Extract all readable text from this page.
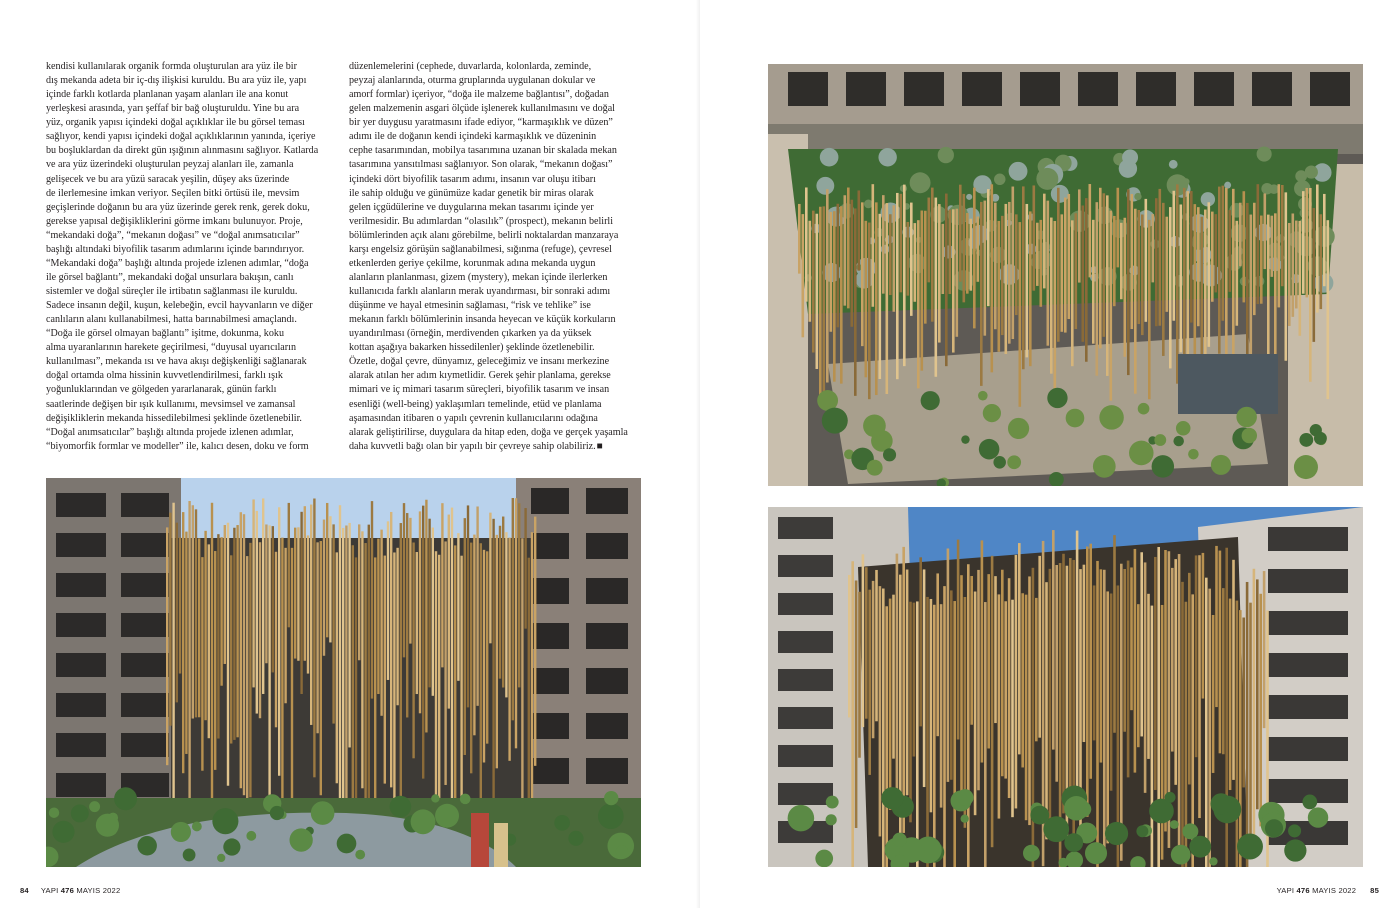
kendisi kullanılarak organik formda oluşturulan ara yüz ile bir
dış mekanda adeta bir iç-dış ilişkisi kuruldu. Bu ara yüz ile, yapı
içinde farklı kotlarda planlanan yaşam alanları ile ana konut
yerleşkesi arasında, yarı şeffaf bir bağ oluşturuldu. Yine bu ara
yüz, organik yapısı içindeki doğal açıklıklar ile bu görsel teması
sağlıyor, kendi yapısı içindeki doğal açıklıklarının yanında, içeriye
bu boşluklardan da direkt gün ışığının alınmasını sağlıyor. Katlarda
ve ara yüz üzerindeki oluşturulan peyzaj alanları ile, zamanla
gelişecek ve bu ara yüzü saracak yeşilin, düşey aks üzerinde
de ilerlemesine imkan veriyor. Seçilen bitki örtüsü ile, mevsim
geçişlerinde doğanın bu ara yüz üzerinde gerek renk, gerek doku,
gerekse yapısal değişikliklerini görme imkanı bulunuyor. Proje,
“mekandaki doğa”, “mekanın doğası” ve “doğal anımsatıcılar”
başlığı altındaki biyofilik tasarım adımlarını içinde barındırıyor.
“Mekandaki doğa” başlığı altında projede izlenen adımlar, “doğa
ile görsel bağlantı”, mekandaki doğal unsurlara bakışın, canlı
sistemler ve doğal süreçler ile irtibatın sağlanması ile kuruldu.
Sadece insanın değil, kuşun, kelebeğin, evcil hayvanların ve diğer
canlıların alanı kullanabilmesi, hatta barınabilmesi amaçlandı.
“Doğa ile görsel olmayan bağlantı” işitme, dokunma, koku
alma uyaranlarının harekete geçirilmesi, “duyusal uyarıcıların
kullanılması”, mekanda ısı ve hava akışı değişkenliği sağlanarak
doğal ortamda olma hissinin kuvvetlendirilmesi, farklı ışık
yoğunluklarından ve gölgeden yararlanarak, günün farklı
saatlerinde değişen bir ışık kullanımı, mevsimsel ve zamansal
değişikliklerin mekanda hissedilebilmesi şeklinde özetlenebilir.
“Doğal anımsatıcılar” başlığı altında projede izlenen adımlar,
“biyomorfik formlar ve modeller” ile, kalıcı desen, doku ve form
düzenlemelerini (cephede, duvarlarda, kolonlarda, zeminde,
peyzaj alanlarında, oturma gruplarında uygulanan dokular ve
amorf formlar) içeriyor, “doğa ile malzeme bağlantısı”, doğadan
gelen malzemenin asgari ölçüde işlenerek kullanılmasını ve doğal
bir yer duygusu yaratmasını ifade ediyor, “karmaşıklık ve düzen”
adımı ile de doğanın kendi içindeki karmaşıklık ve düzeninin
cephe tasarımından, mobilya tasarımına uzanan bir skalada mekan
tasarımına yansıtılması sağlanıyor. Son olarak, “mekanın doğası”
içindeki dört biyofilik tasarım adımı, insanın var oluşu itibarı
ile sahip olduğu ve günümüze kadar genetik bir miras olarak
gelen içgüdülerine ve duygularına mekan tasarımı içinde yer
verilmesidir. Bu adımlardan “olasılık” (prospect), mekanın belirli
bölümlerinden açık alanı görebilme, belirli noktalardan manzaraya
karşı engelsiz görüşün sağlanabilmesi, sığınma (refuge), çevresel
etkenlerden geriye çekilme, korunmak adına mekanda uygun
alanların planlanması, gizem (mystery), mekan içinde ilerlerken
kullanıcıda farklı alanların merak uyandırması, bir sonraki adımı
düşünme ve hayal etmesinin sağlaması, “risk ve tehlike” ise
mekanın farklı bölümlerinin insanda heyecan ve küçük korkuların
uyandırılması (örneğin, merdivenden çıkarken ya da yüksek
kottan aşağıya bakarken hissedilenler) şeklinde özetlenebilir.
Özetle, doğal çevre, dünyamız, geleceğimiz ve insanı merkezine
alarak atılan her adım kıymetlidir. Gerek şehir planlama, gerekse
mimari ve iç mimari tasarım süreçleri, biyofilik tasarım ve insan
esenliği (well-being) yaklaşımları temelinde, etüd ve planlama
aşamasından itibaren o yapılı çevrenin kullanıcılarını odağına
alarak geliştirilirse, duygulara da hitap eden, doğa ve gerçek yaşamla
daha kuvvetli bağı olan bir yapılı bir çevreye sahip olabiliriz.■
84 YAPI 476 MAYIS 2022	YAPI 476 MAYIS 2022 85
